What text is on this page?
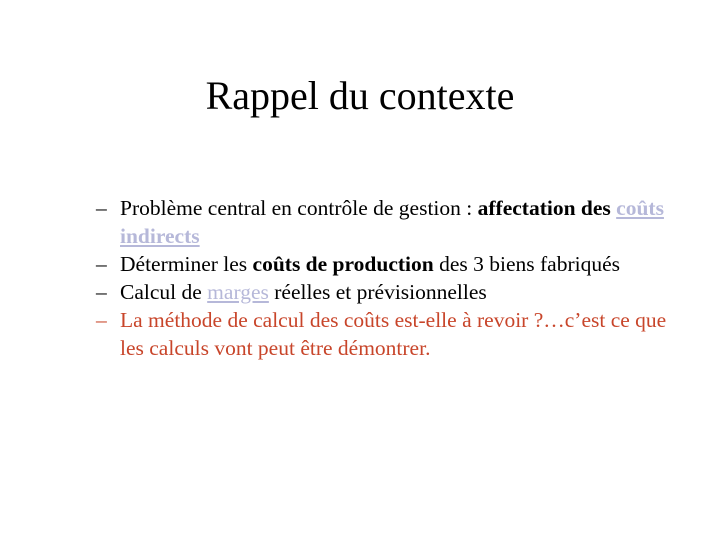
Rappel du contexte
– Problème central en contrôle de gestion : affectation des coûts indirects
– Déterminer les coûts de production des 3 biens fabriqués
– Calcul de marges réelles et prévisionnelles
– La méthode de calcul des coûts est-elle à revoir ?…c’est ce que les calculs vont peut être démontrer.
